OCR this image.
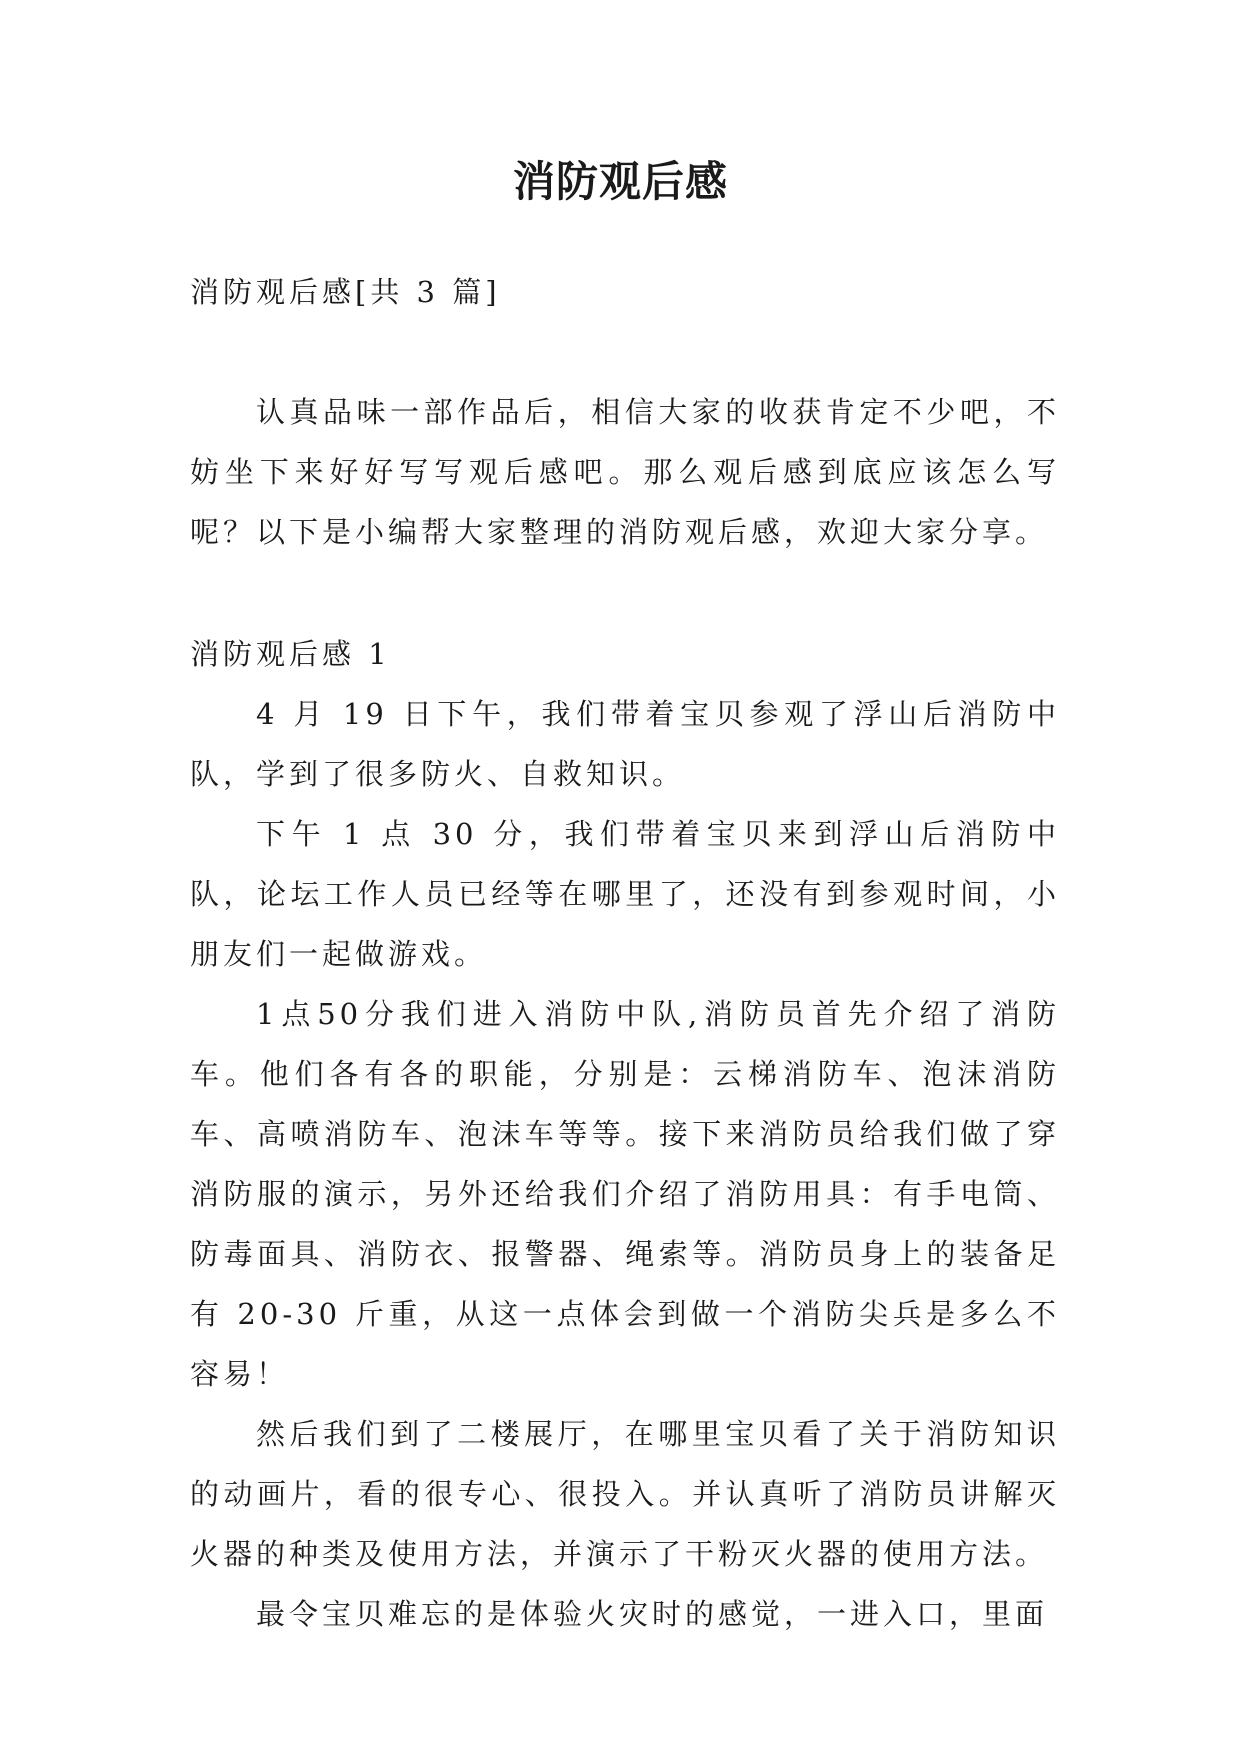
消防观后感

消防观后感[共 3 篇]

认真品味一部作品后，相信大家的收获肯定不少吧，不妨坐下来好好写写观后感吧。那么观后感到底应该怎么写呢？以下是小编帮大家整理的消防观后感，欢迎大家分享。

消防观后感 1

4 月 19 日下午，我们带着宝贝参观了浮山后消防中队，学到了很多防火、自救知识。

下午 1 点 30 分，我们带着宝贝来到浮山后消防中队，论坛工作人员已经等在哪里了，还没有到参观时间，小朋友们一起做游戏。

1点50分我们进入消防中队,消防员首先介绍了消防车。他们各有各的职能，分别是：云梯消防车、泡沫消防车、高喷消防车、泡沫车等等。接下来消防员给我们做了穿消防服的演示，另外还给我们介绍了消防用具：有手电筒、防毒面具、消防衣、报警器、绳索等。消防员身上的装备足有 20-30 斤重，从这一点体会到做一个消防尖兵是多么不容易！

然后我们到了二楼展厅，在哪里宝贝看了关于消防知识的动画片，看的很专心、很投入。并认真听了消防员讲解灭火器的种类及使用方法，并演示了干粉灭火器的使用方法。

最令宝贝难忘的是体验火灾时的感觉，一进入口，里面
